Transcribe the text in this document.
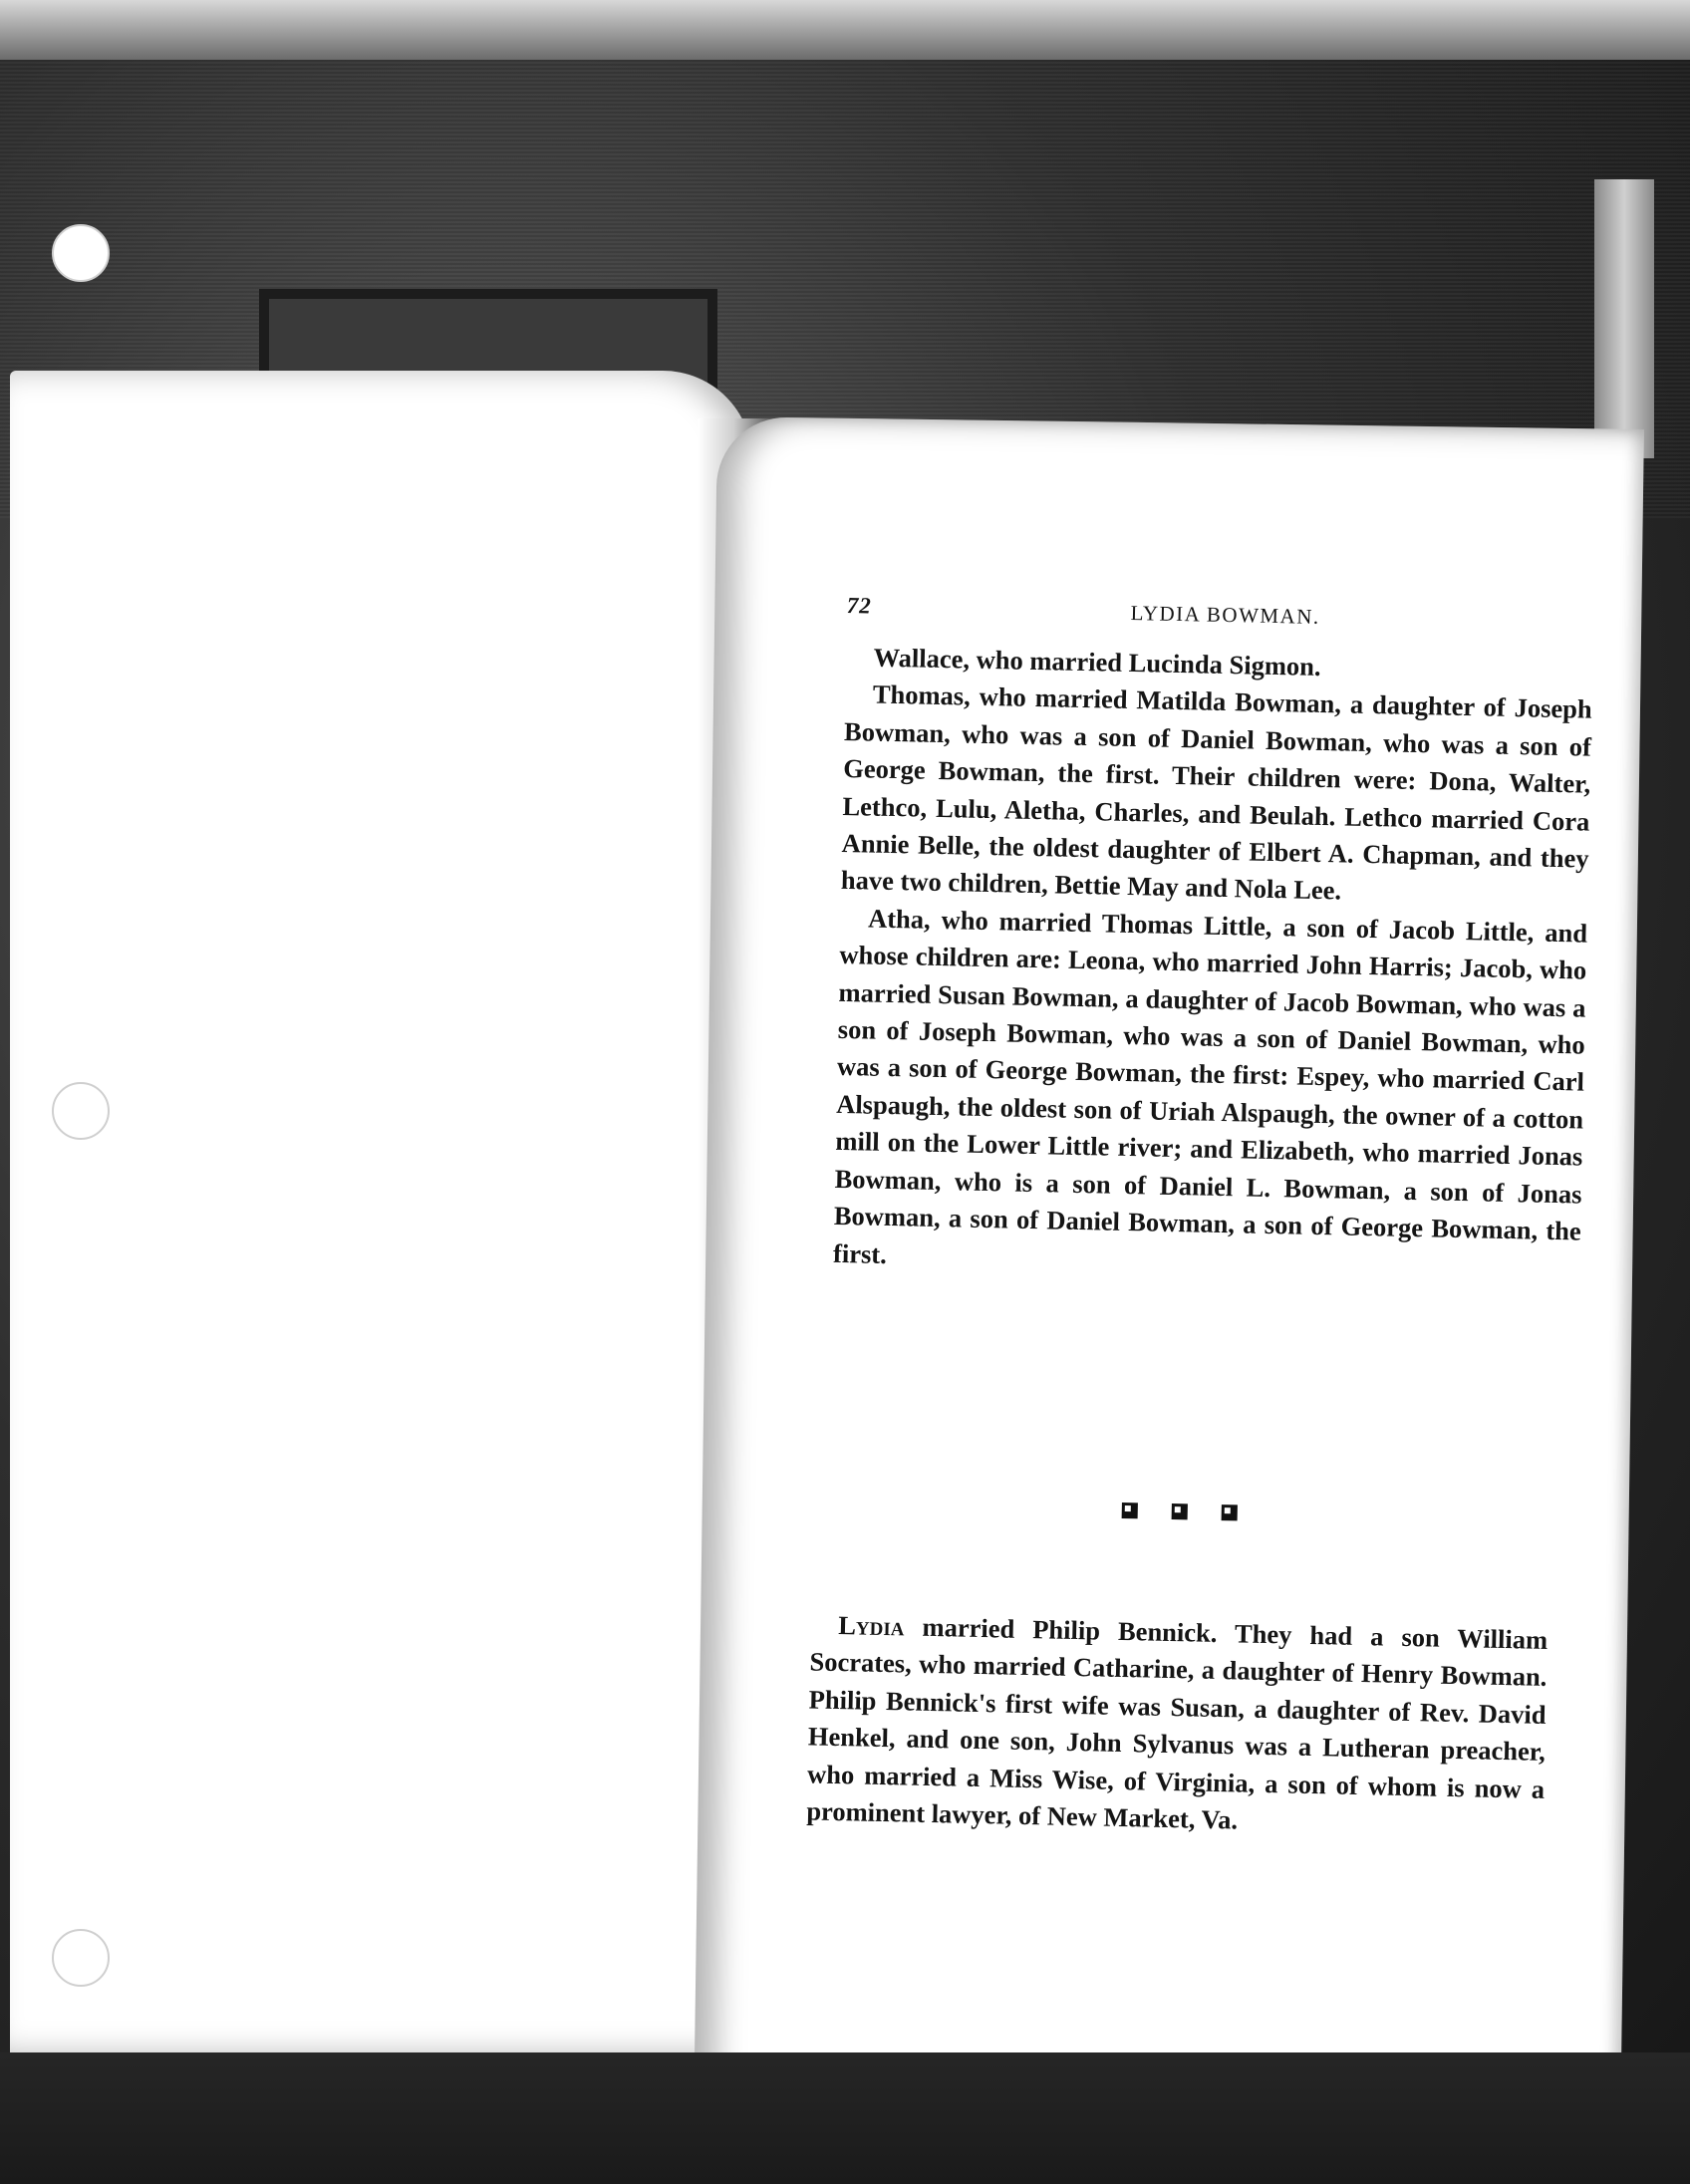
72	LYDIA BOWMAN.

Wallace, who married Lucinda Sigmon.

Thomas, who married Matilda Bowman, a daughter of Joseph Bowman, who was a son of Daniel Bowman, who was a son of George Bowman, the first. Their children were: Dona, Walter, Lethco, Lulu, Aletha, Charles, and Beulah. Lethco married Cora Annie Belle, the oldest daughter of Elbert A. Chapman, and they have two children, Bettie May and Nola Lee.

Atha, who married Thomas Little, a son of Jacob Little, and whose children are: Leona, who married John Harris; Jacob, who married Susan Bowman, a daughter of Jacob Bowman, who was a son of Joseph Bowman, who was a son of Daniel Bowman, who was a son of George Bowman, the first: Espey, who married Carl Alspaugh, the oldest son of Uriah Alspaugh, the owner of a cotton mill on the Lower Little river; and Elizabeth, who married Jonas Bowman, who is a son of Daniel L. Bowman, a son of Jonas Bowman, a son of Daniel Bowman, a son of George Bowman, the first.

Lydia married Philip Bennick. They had a son William Socrates, who married Catharine, a daughter of Henry Bowman. Philip Bennick's first wife was Susan, a daughter of Rev. David Henkel, and one son, John Sylvanus was a Lutheran preacher, who married a Miss Wise, of Virginia, a son of whom is now a prominent lawyer, of New Market, Va.
